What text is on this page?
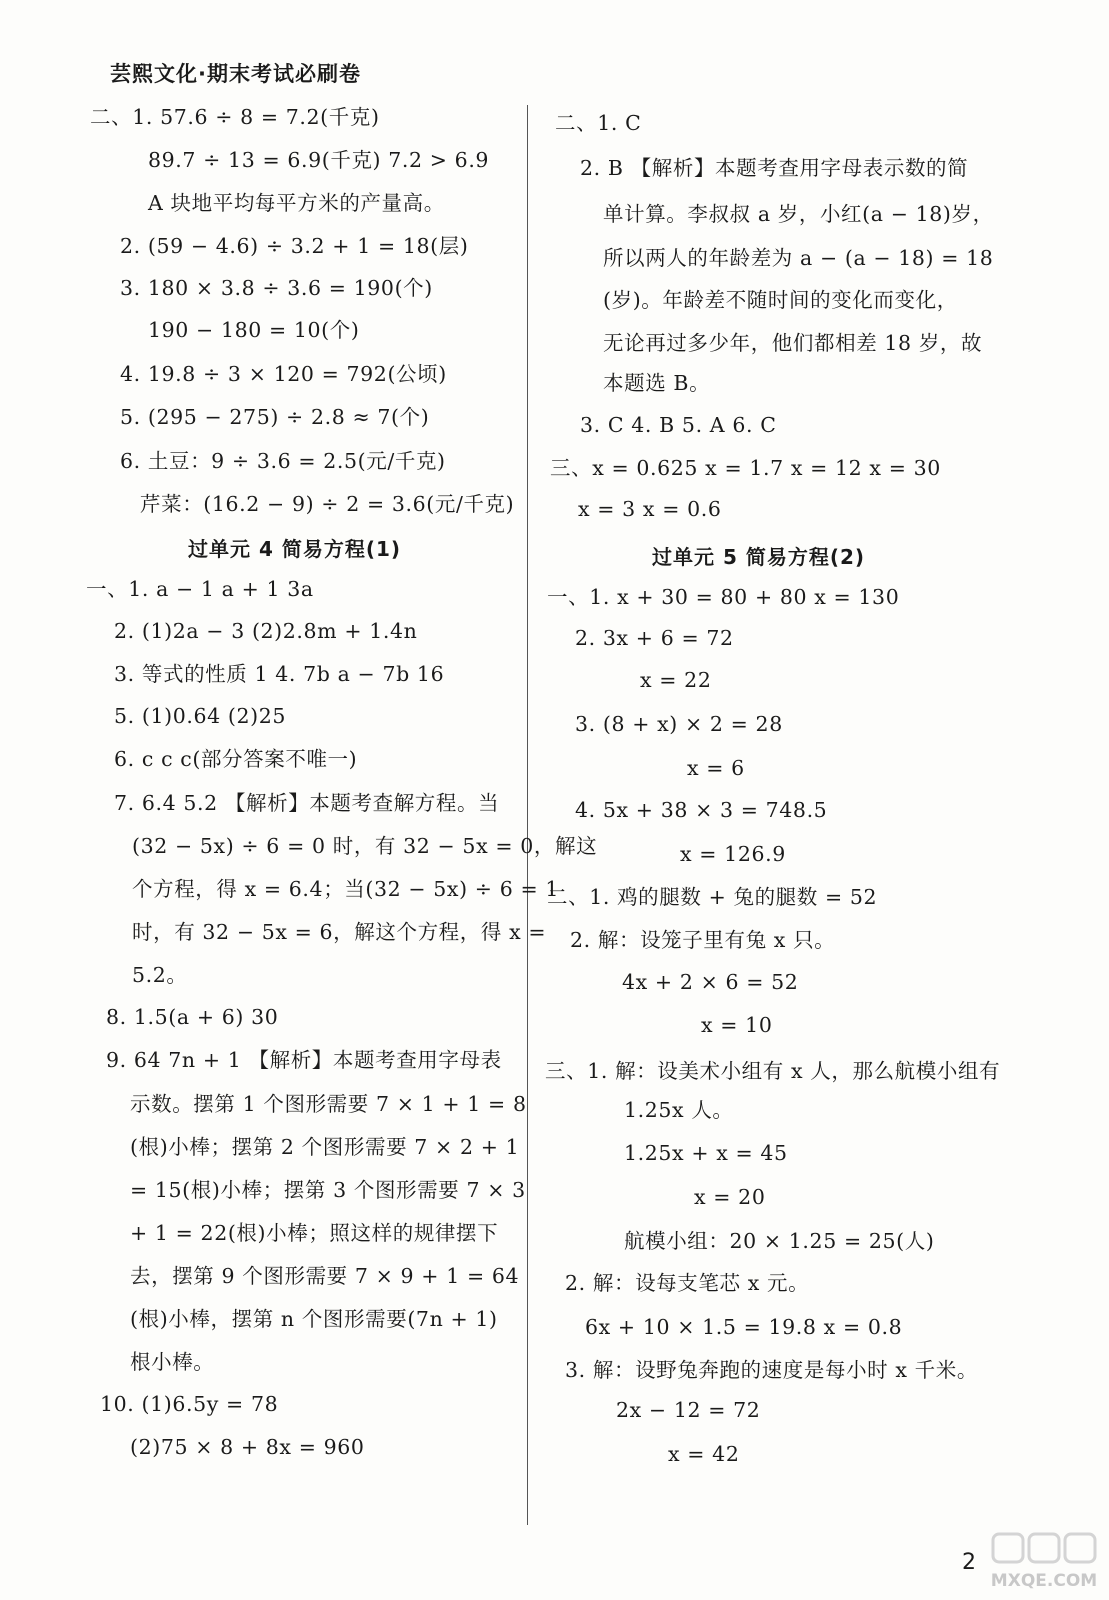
芸熙文化·期末考试必刷卷
二、1. 57.6 ÷ 8 = 7.2(千克)
89.7 ÷ 13 = 6.9(千克) 7.2 > 6.9
A 块地平均每平方米的产量高。
2. (59 − 4.6) ÷ 3.2 + 1 = 18(层)
3. 180 × 3.8 ÷ 3.6 = 190(个)
190 − 180 = 10(个)
4. 19.8 ÷ 3 × 120 = 792(公顷)
5. (295 − 275) ÷ 2.8 ≈ 7(个)
6. 土豆：9 ÷ 3.6 = 2.5(元/千克)
芹菜：(16.2 − 9) ÷ 2 = 3.6(元/千克)
过单元 4 简易方程(1)
一、1. a − 1 a + 1 3a
2. (1)2a − 3 (2)2.8m + 1.4n
3. 等式的性质 1 4. 7b a − 7b 16
5. (1)0.64 (2)25
6. c c c(部分答案不唯一)
7. 6.4 5.2 【解析】本题考查解方程。当
(32 − 5x) ÷ 6 = 0 时，有 32 − 5x = 0，解这
个方程，得 x = 6.4；当(32 − 5x) ÷ 6 = 1
时，有 32 − 5x = 6，解这个方程，得 x =
5.2。
8. 1.5(a + 6) 30
9. 64 7n + 1 【解析】本题考查用字母表
示数。摆第 1 个图形需要 7 × 1 + 1 = 8
(根)小棒；摆第 2 个图形需要 7 × 2 + 1
= 15(根)小棒；摆第 3 个图形需要 7 × 3
+ 1 = 22(根)小棒；照这样的规律摆下
去，摆第 9 个图形需要 7 × 9 + 1 = 64
(根)小棒，摆第 n 个图形需要(7n + 1)
根小棒。
10. (1)6.5y = 78
(2)75 × 8 + 8x = 960
二、1. C
2. B 【解析】本题考查用字母表示数的简
单计算。李叔叔 a 岁，小红(a − 18)岁，
所以两人的年龄差为 a − (a − 18) = 18
(岁)。年龄差不随时间的变化而变化，
无论再过多少年，他们都相差 18 岁，故
本题选 B。
3. C 4. B 5. A 6. C
三、x = 0.625 x = 1.7 x = 12 x = 30
x = 3 x = 0.6
过单元 5 简易方程(2)
一、1. x + 30 = 80 + 80 x = 130
2. 3x + 6 = 72
x = 22
3. (8 + x) × 2 = 28
x = 6
4. 5x + 38 × 3 = 748.5
x = 126.9
二、1. 鸡的腿数 + 兔的腿数 = 52
2. 解：设笼子里有兔 x 只。
4x + 2 × 6 = 52
x = 10
三、1. 解：设美术小组有 x 人，那么航模小组有
1.25x 人。
1.25x + x = 45
x = 20
航模小组：20 × 1.25 = 25(人)
2. 解：设每支笔芯 x 元。
6x + 10 × 1.5 = 19.8 x = 0.8
3. 解：设野兔奔跑的速度是每小时 x 千米。
2x − 12 = 72
x = 42
2
MXQE.COM
